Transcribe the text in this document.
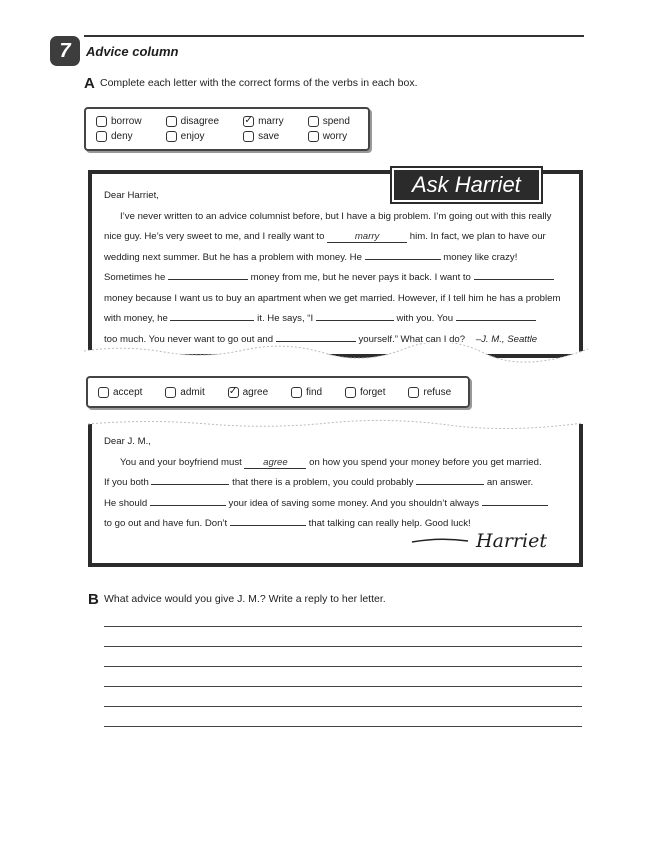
7	Advice column
A Complete each letter with the correct forms of the verbs in each box.
borrow	disagree	✓ marry	spend
deny	enjoy	save	worry
Ask Harriet
Dear Harriet,
I’ve never written to an advice columnist before, but I have a big problem. I’m going out with this really
nice guy. He’s very sweet to me, and I really want to	marry	him. In fact, we plan to have our
wedding next summer. But he has a problem with money. He	money like crazy!
Sometimes he	money from me, but he never pays it back. I want to
money because I want us to buy an apartment when we get married. However, if I tell him he has a problem
with money, he	it. He says, “I	with you. You
too much. You never want to go out and	yourself.” What can I do? –J. M., Seattle
accept	admit ✓ agree	find	forget	refuse
Dear J. M.,
You and your boyfriend must agree on how you spend your money before you get married.
If you both	that there is a problem, you could probably	an answer.
He should	your idea of saving some money. And you shouldn’t always
to go out and have fun. Don’t	that talking can really help. Good luck!
Harriet
B What advice would you give J. M.? Write a reply to her letter.
